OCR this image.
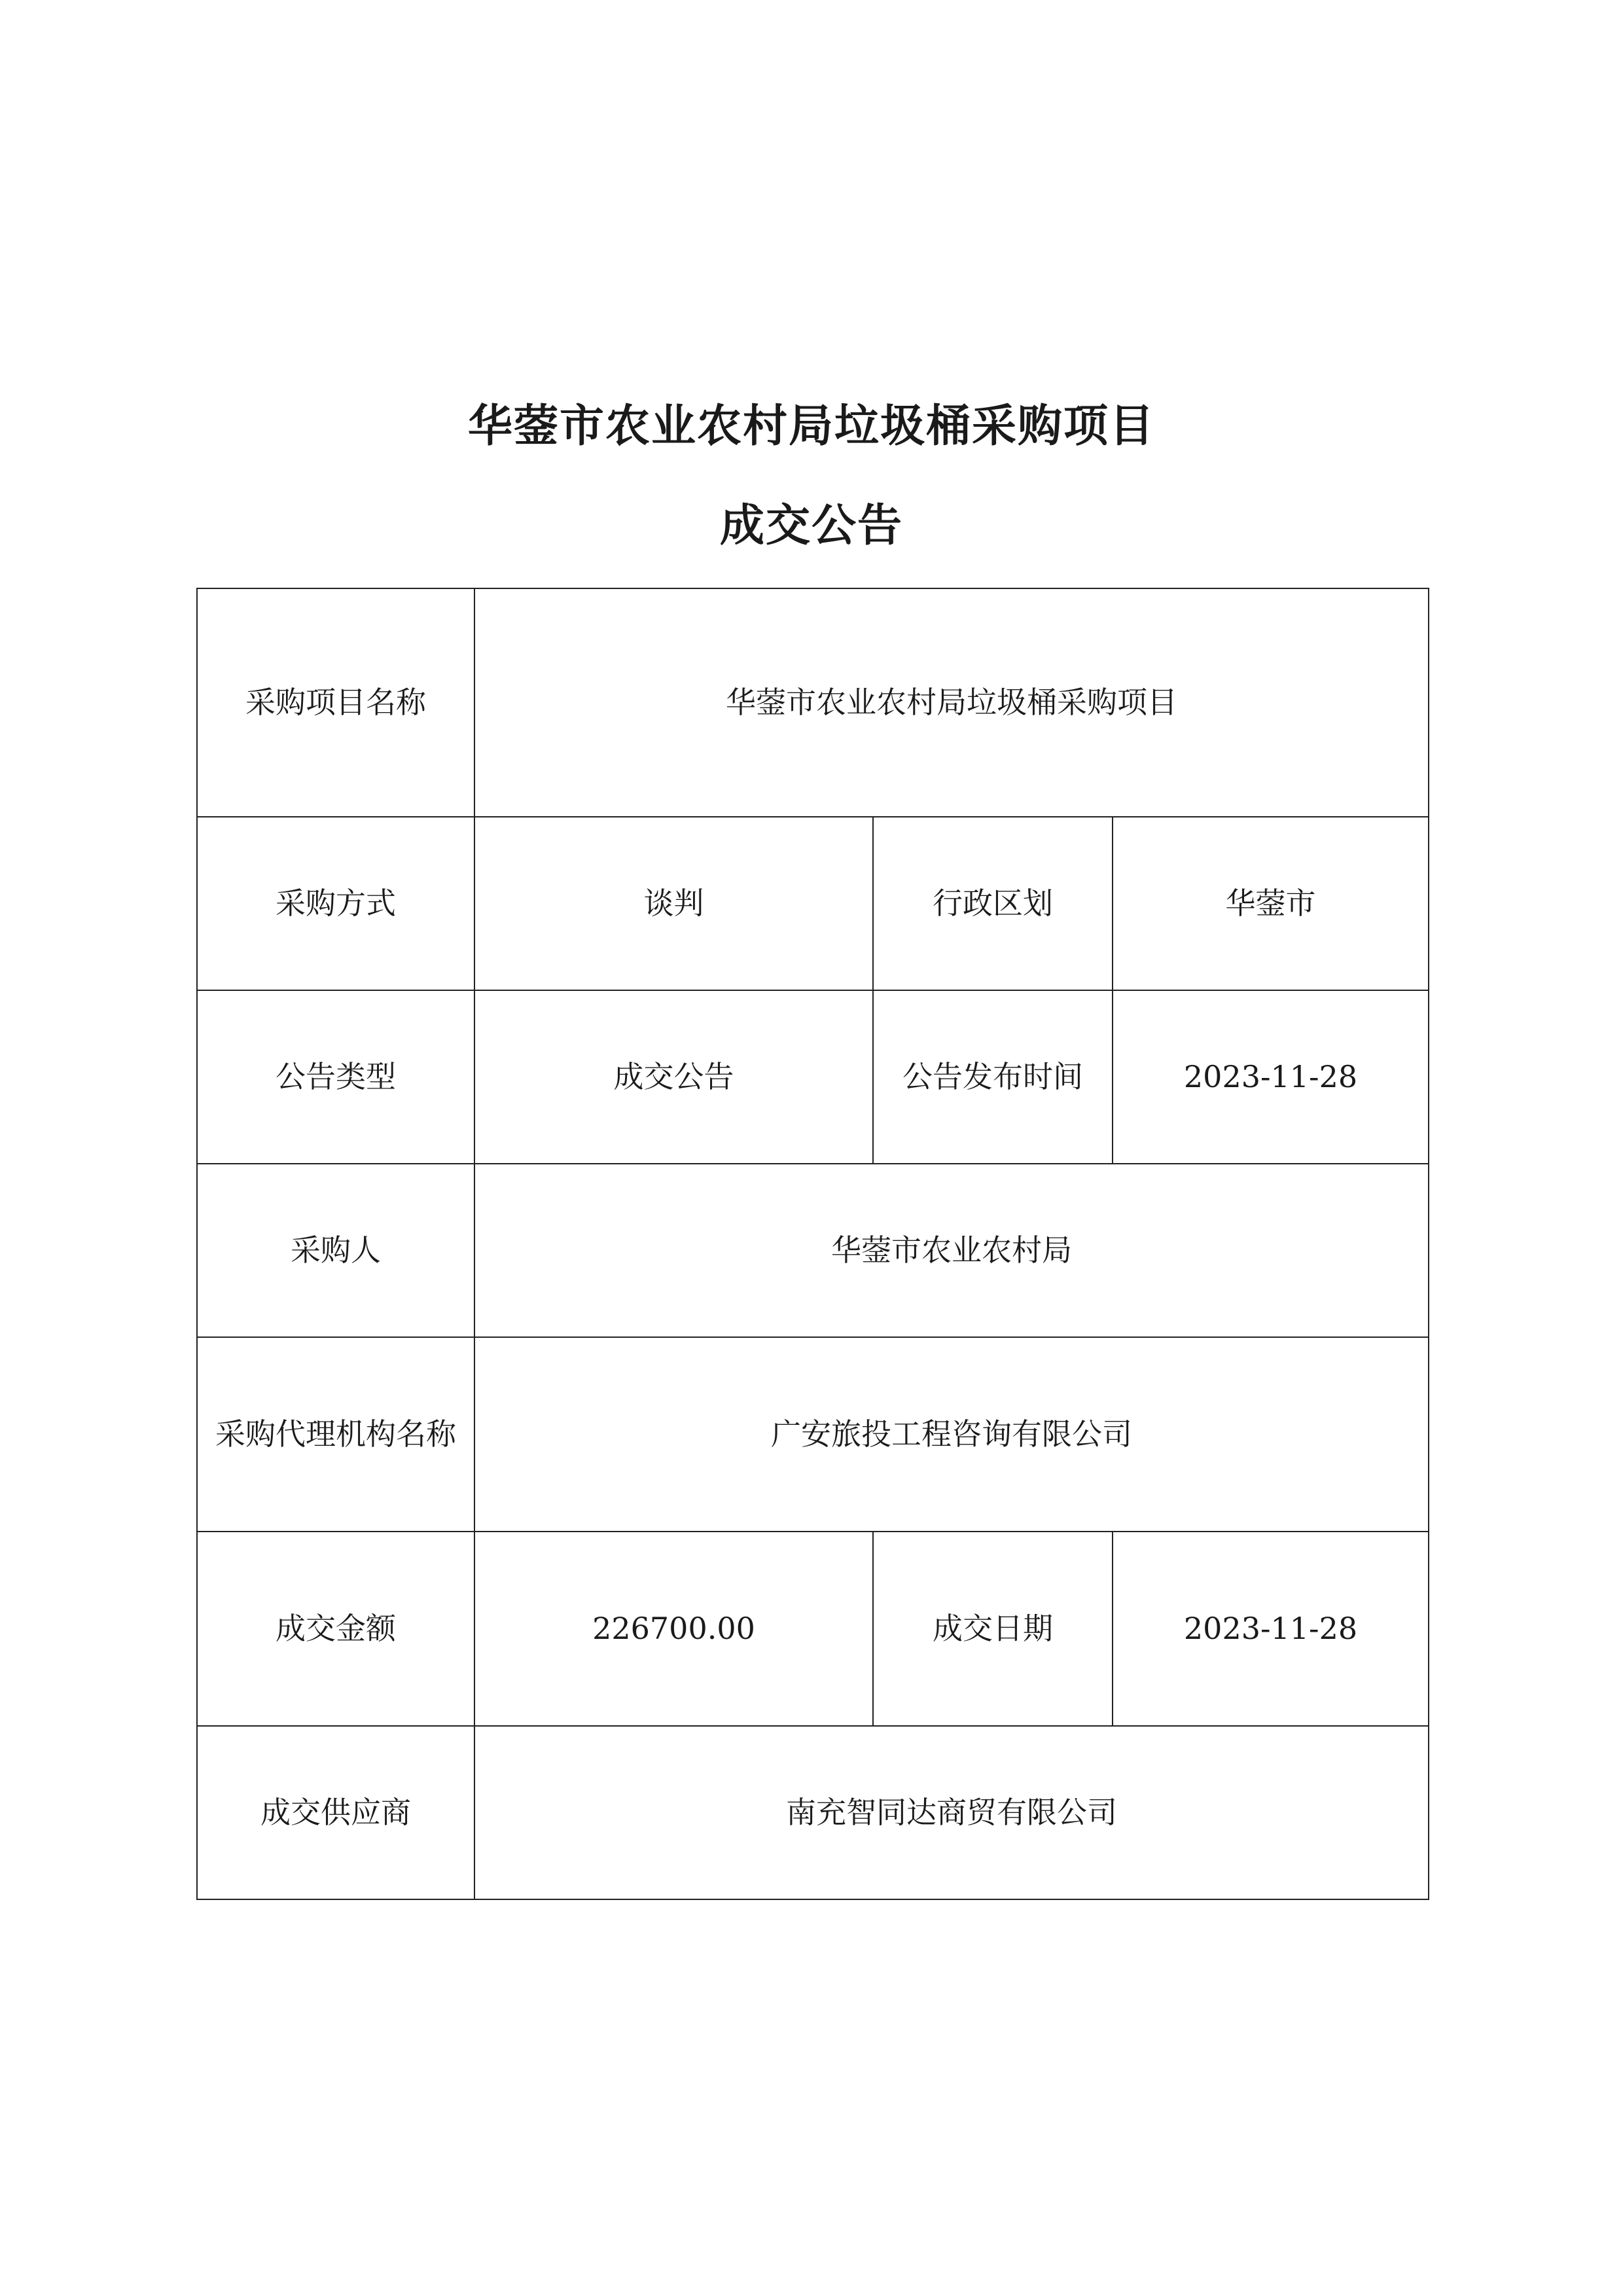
华蓥市农业农村局垃圾桶采购项目
成交公告
采购项目名称	华蓥市农业农村局垃圾桶采购项目		
采购方式	谈判	行政区划	华蓥市
公告类型	成交公告	公告发布时间	2023-11-28
采购人	华蓥市农业农村局		
采购代理机构名称	广安旅投工程咨询有限公司		
成交金额	226700.00	成交日期	2023-11-28
成交供应商	南充智同达商贸有限公司		
